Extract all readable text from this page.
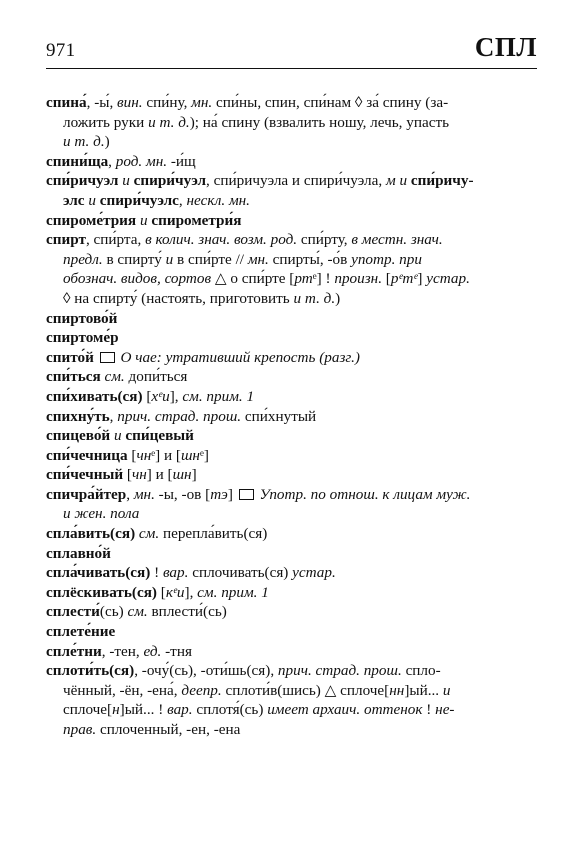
971	СПЛ

спина́, -ы́, вин. спи́ну, мн. спи́ны, спин, спи́нам ◊ за́ спину (за-
ложить руки и т. д.); на́ спину (взвалить ношу, лечь, упасть
и т. д.)

спини́ща, род. мн. -и́щ

спи́ричуэл и спири́чуэл, спи́ричуэла и спири́чуэла, м и спи́ричу-
элс и спири́чуэлс, нескл. мн.

спироме́трия и спирометри́я

спирт, спи́рта, в колич. знач. возм. род. спи́рту, в местн. знач.
предл. в спирту́ и в спи́рте // мн. спирты́, -о́в употр. при
обознач. видов, сортов △ о спи́рте [ртᵉ] ! произн. [рᵉтᵉ] устар.
◊ на спирту́ (настоять, приготовить и т. д.)

спиртово́й

спиртоме́р

спито́й  О чае: утративший крепость (разг.)

спи́ться см. допи́ться

спи́хивать(ся) [хᵉи], см. прим. 1

спихну́ть, прич. страд. прош. спи́хнутый

спицево́й и спи́цевый

спи́чечница [чнᵉ] и [шнᵉ]

спи́чечный [чн] и [шн]

спичра́йтер, мн. -ы, -ов [тэ]  Употр. по отнош. к лицам муж.
и жен. пола

спла́вить(ся) см. перепла́вить(ся)

сплавно́й

спла́чивать(ся) ! вар. сплочивать(ся) устар.

сплёскивать(ся) [кᵉи], см. прим. 1

сплести́(сь) см. вплести́(сь)

сплете́ние

спле́тни, -тен, ед. -тня

сплоти́ть(ся), -очу́(сь), -оти́шь(ся), прич. страд. прош. спло-
чённый, -ён, -ена́, деепр. сплоти́в(шись) △ сплоче[нн]ый... и
сплоче[н]ый... ! вар. сплотя́(сь) имеет архаич. оттенок ! не-
прав. сплоченный, -ен, -ена
